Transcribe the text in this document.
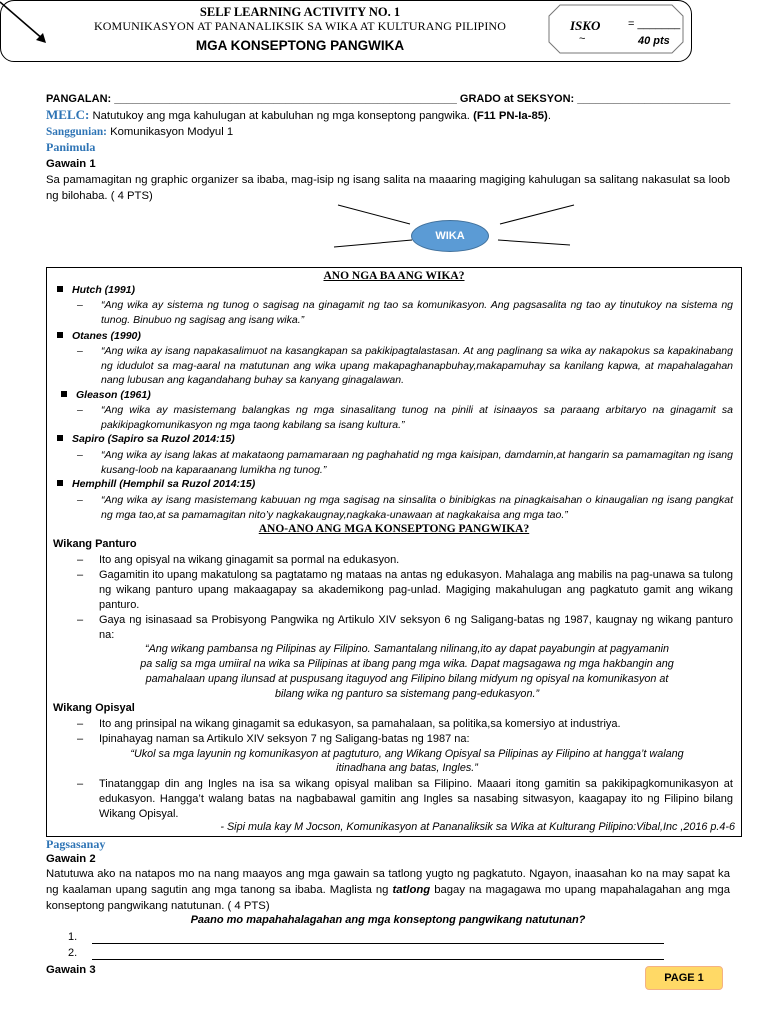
SELF LEARNING ACTIVITY NO. 1
KOMUNIKASYON AT PANANALIKSIK SA WIKA AT KULTURANG PILIPINO
MGA KONSEPTONG PANGWIKA
ISKO
~
= _______
40 pts
PANGALAN: ________________________________________________________ GRADO at SEKSYON: _________________________
MELC: Natutukoy ang mga kahulugan at kabuluhan ng mga konseptong pangwika. (F11 PN-Ia-85).
Sanggunian: Komunikasyon Modyul 1
Panimula
Gawain 1
Sa pamamagitan ng graphic organizer sa ibaba, mag-isip ng isang salita na maaaring magiging kahulugan sa salitang nakasulat sa loob ng bilohaba. ( 4 PTS)
WIKA
ANO NGA BA ANG WIKA?
Hutch (1991)
– “Ang wika ay sistema ng tunog o sagisag na ginagamit ng tao sa komunikasyon. Ang pagsasalita ng tao ay tinutukoy na sistema ng tunog. Binubuo ng sagisag ang isang wika.”
Otanes (1990)
– “Ang wika ay isang napakasalimuot na kasangkapan sa pakikipagtalastasan. At ang paglinang sa wika ay nakapokus sa kapakinabang ng idudulot sa mag-aaral na matutunan ang wika upang makapaghanapbuhay,makapamuhay sa kanilang kapwa, at mapahalagahan nang lubusan ang kagandahang buhay sa kanyang ginagalawan.
Gleason (1961)
– “Ang wika ay masistemang balangkas ng mga sinasalitang tunog na pinili at isinaayos sa paraang arbitaryo na ginagamit sa pakikipagkomunikasyon ng mga taong kabilang sa isang kultura.”
Sapiro (Sapiro sa Ruzol 2014:15)
– “Ang wika ay isang lakas at makataong pamamaraan ng paghahatid ng mga kaisipan, damdamin,at hangarin sa pamamagitan ng isang kusang-loob na kaparaanang lumikha ng tunog.”
Hemphill (Hemphil sa Ruzol 2014:15)
– “Ang wika ay isang masistemang kabuuan ng mga sagisag na sinsalita o binibigkas na pinagkaisahan o kinaugalian ng isang pangkat ng mga tao,at sa pamamagitan nito’y nagkakaugnay,nagkaka-unawaan at nagkakaisa ang mga tao.”
ANO-ANO ANG MGA KONSEPTONG PANGWIKA?
Wikang Panturo
– Ito ang opisyal na wikang ginagamit sa pormal na edukasyon.
– Gagamitin ito upang makatulong sa pagtatamo ng mataas na antas ng edukasyon. Mahalaga ang mabilis na pag-unawa sa tulong ng wikang panturo upang makaagapay sa akademikong pag-unlad. Magiging makahulugan ang pagkatuto gamit ang wikang panturo.
– Gaya ng isinasaad sa Probisyong Pangwika ng Artikulo XIV seksyon 6 ng Saligang-batas ng 1987, kaugnay ng wikang panturo na:
“Ang wikang pambansa ng Pilipinas ay Filipino. Samantalang nilinang,ito ay dapat payabungin at pagyamanin
pa salig sa mga umiiral na wika sa Pilipinas at ibang pang mga wika. Dapat magsagawa ng mga hakbangin ang
pamahalaan upang ilunsad at puspusang itaguyod ang Filipino bilang midyum ng opisyal na komunikasyon at
bilang wika ng panturo sa sistemang pang-edukasyon.”
Wikang Opisyal
– Ito ang prinsipal na wikang ginagamit sa edukasyon, sa pamahalaan, sa politika,sa komersiyo at industriya.
– Ipinahayag naman sa Artikulo XIV seksyon 7 ng Saligang-batas ng 1987 na:
“Ukol sa mga layunin ng komunikasyon at pagtuturo, ang Wikang Opisyal sa Pilipinas ay Filipino at hangga’t walang
itinadhana ang batas, Ingles.”
– Tinatanggap din ang Ingles na isa sa wikang opisyal maliban sa Filipino. Maaari itong gamitin sa pakikipagkomunikasyon at edukasyon. Hangga’t walang batas na nagbabawal gamitin ang Ingles sa nasabing sitwasyon, kaagapay ito ng Filipino bilang Wikang Opisyal.
- Sipi mula kay M Jocson, Komunikasyon at Pananaliksik sa Wika at Kulturang Pilipino:Vibal,Inc ,2016 p.4-6
Pagsasanay
Gawain 2
Natutuwa ako na natapos mo na nang maayos ang mga gawain sa tatlong yugto ng pagkatuto. Ngayon, inaasahan ko na may sapat ka ng kaalaman upang sagutin ang mga tanong sa ibaba. Maglista ng tatlong bagay na magagawa mo upang mapahalagahan ang mga konseptong pangwikang natutunan. ( 4 PTS)
Paano mo mapahahalagahan ang mga konseptong pangwikang natutunan?
1.
2.
Gawain 3
PAGE 1
